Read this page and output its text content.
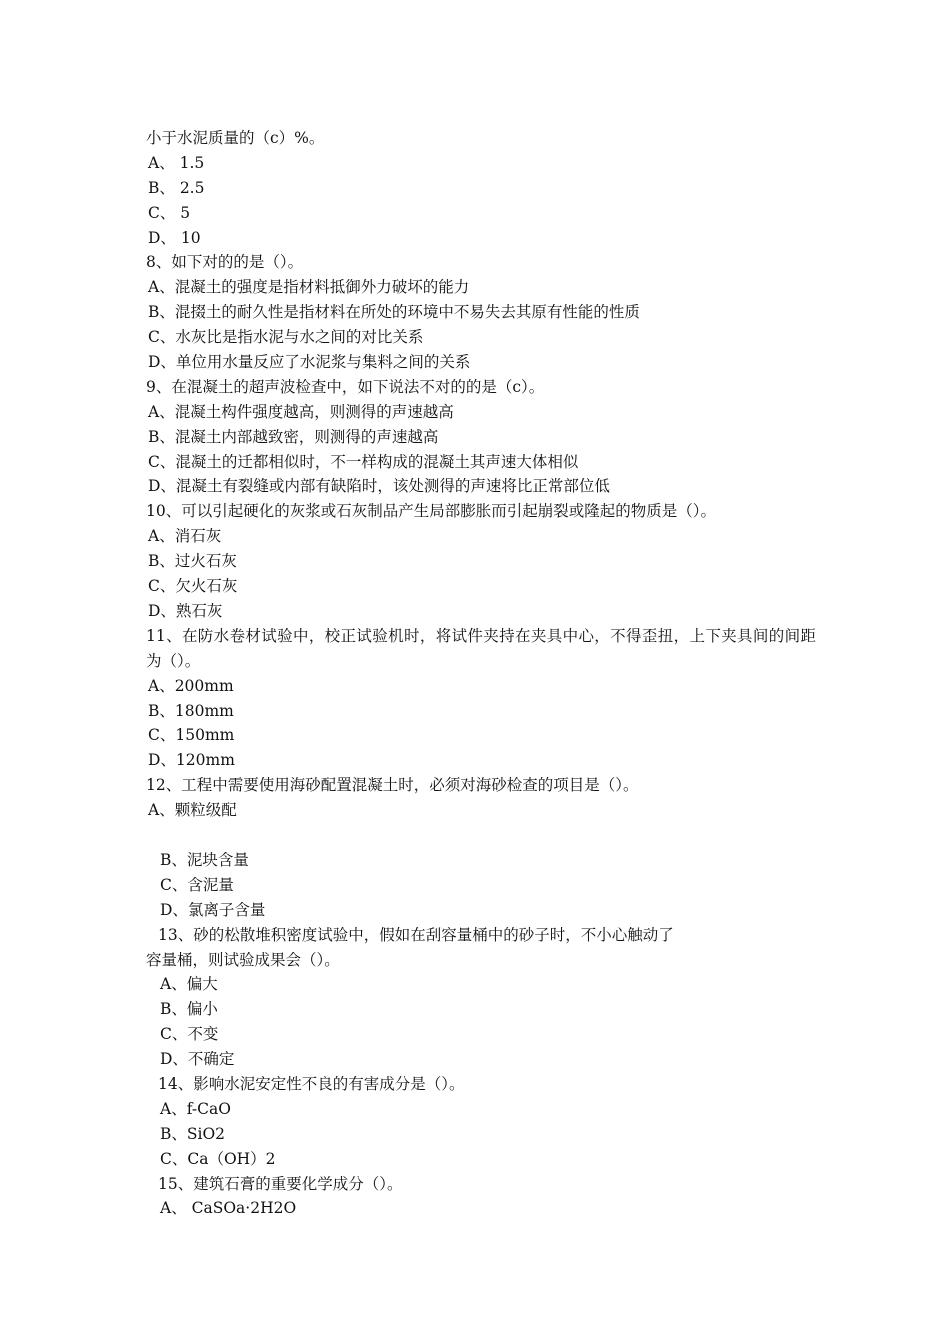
小于水泥质量的（c）%。
A、 1.5
B、 2.5
C、 5
D、 10
8、如下对的的是（）。
A、混凝土的强度是指材料抵御外力破坏的能力
B、混掇土的耐久性是指材料在所处的环境中不易失去其原有性能的性质
C、水灰比是指水泥与水之间的对比关系
D、单位用水量反应了水泥浆与集料之间的关系
9、在混凝土的超声波检查中，如下说法不对的的是（c）。
A、混凝土构件强度越高，则测得的声速越高
B、混凝土内部越致密，则测得的声速越高
C、混凝土的迁都相似时，不一样构成的混凝土其声速大体相似
D、混凝土有裂缝或内部有缺陷时，该处测得的声速将比正常部位低
10、可以引起硬化的灰浆或石灰制品产生局部膨胀而引起崩裂或隆起的物质是（）。
A、消石灰
B、过火石灰
C、欠火石灰
D、熟石灰
11、在防水卷材试验中，校正试验机时，将试件夹持在夹具中心，不得歪扭，上下夹具间的间距为（）。
A、200mm
B、180mm
C、150mm
D、120mm
12、工程中需要使用海砂配置混凝土时，必须对海砂检查的项目是（）。
A、颗粒级配
B、泥块含量
C、含泥量
D、氯离子含量
13、砂的松散堆积密度试验中，假如在刮容量桶中的砂子时，不小心触动了
容量桶，则试验成果会（）。
A、偏大
B、偏小
C、不变
D、不确定
14、影响水泥安定性不良的有害成分是（）。
A、f-CaO
B、SiO2
C、Ca（OH）2
15、建筑石膏的重要化学成分（）。
A、 CaSOa·2H2O
